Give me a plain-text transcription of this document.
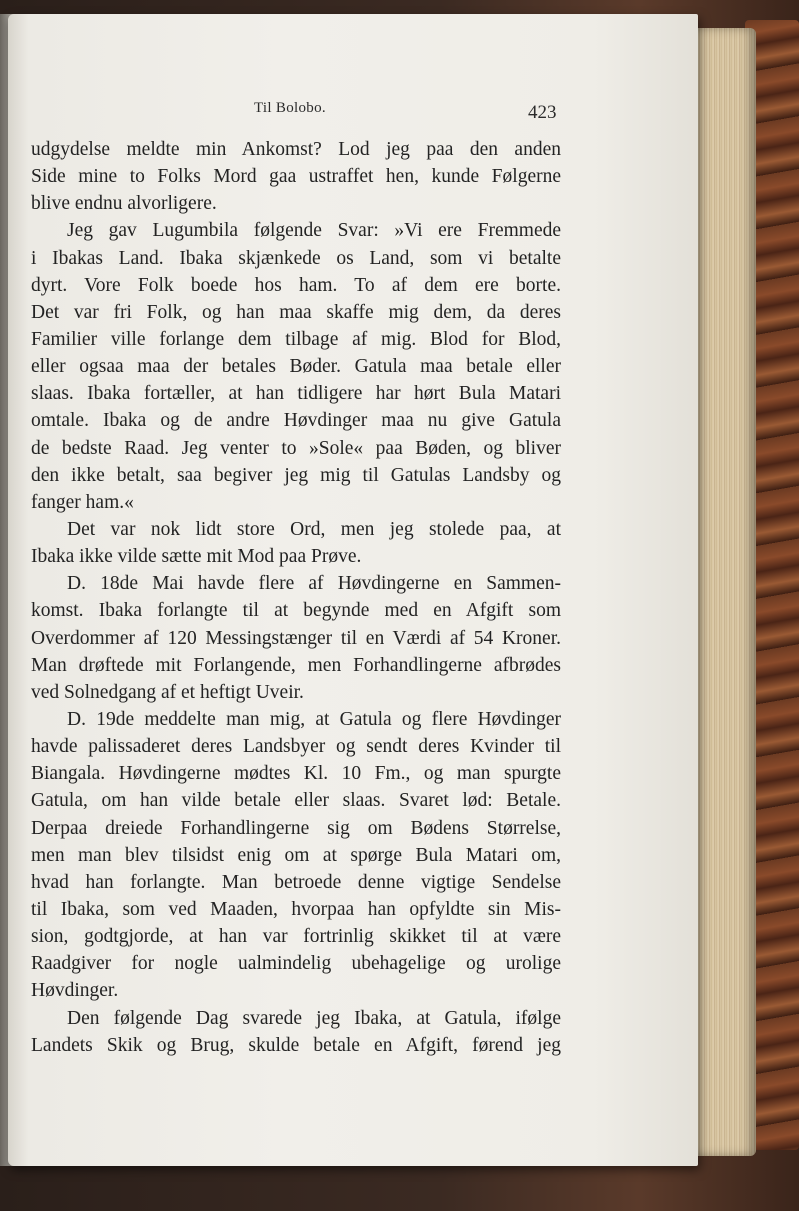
Til Bolobo.	423
udgydelse meldte min Ankomst? Lod jeg paa den anden
Side mine to Folks Mord gaa ustraffet hen, kunde Følgerne
blive endnu alvorligere.
Jeg gav Lugumbila følgende Svar: »Vi ere Fremmede
i Ibakas Land. Ibaka skjænkede os Land, som vi betalte
dyrt. Vore Folk boede hos ham. To af dem ere borte.
Det var fri Folk, og han maa skaffe mig dem, da deres
Familier ville forlange dem tilbage af mig. Blod for Blod,
eller ogsaa maa der betales Bøder. Gatula maa betale eller
slaas. Ibaka fortæller, at han tidligere har hørt Bula Matari
omtale. Ibaka og de andre Høvdinger maa nu give Gatula
de bedste Raad. Jeg venter to »Sole« paa Bøden, og bliver
den ikke betalt, saa begiver jeg mig til Gatulas Landsby og
fanger ham.«
Det var nok lidt store Ord, men jeg stolede paa, at
Ibaka ikke vilde sætte mit Mod paa Prøve.
D. 18de Mai havde flere af Høvdingerne en Sammen-
komst. Ibaka forlangte til at begynde med en Afgift som
Overdommer af 120 Messingstænger til en Værdi af 54 Kroner.
Man drøftede mit Forlangende, men Forhandlingerne afbrødes
ved Solnedgang af et heftigt Uveir.
D. 19de meddelte man mig, at Gatula og flere Høvdinger
havde palissaderet deres Landsbyer og sendt deres Kvinder til
Biangala. Høvdingerne mødtes Kl. 10 Fm., og man spurgte
Gatula, om han vilde betale eller slaas. Svaret lød: Betale.
Derpaa dreiede Forhandlingerne sig om Bødens Størrelse,
men man blev tilsidst enig om at spørge Bula Matari om,
hvad han forlangte. Man betroede denne vigtige Sendelse
til Ibaka, som ved Maaden, hvorpaa han opfyldte sin Mis-
sion, godtgjorde, at han var fortrinlig skikket til at være
Raadgiver for nogle ualmindelig ubehagelige og urolige
Høvdinger.
Den følgende Dag svarede jeg Ibaka, at Gatula, ifølge
Landets Skik og Brug, skulde betale en Afgift, førend jeg
